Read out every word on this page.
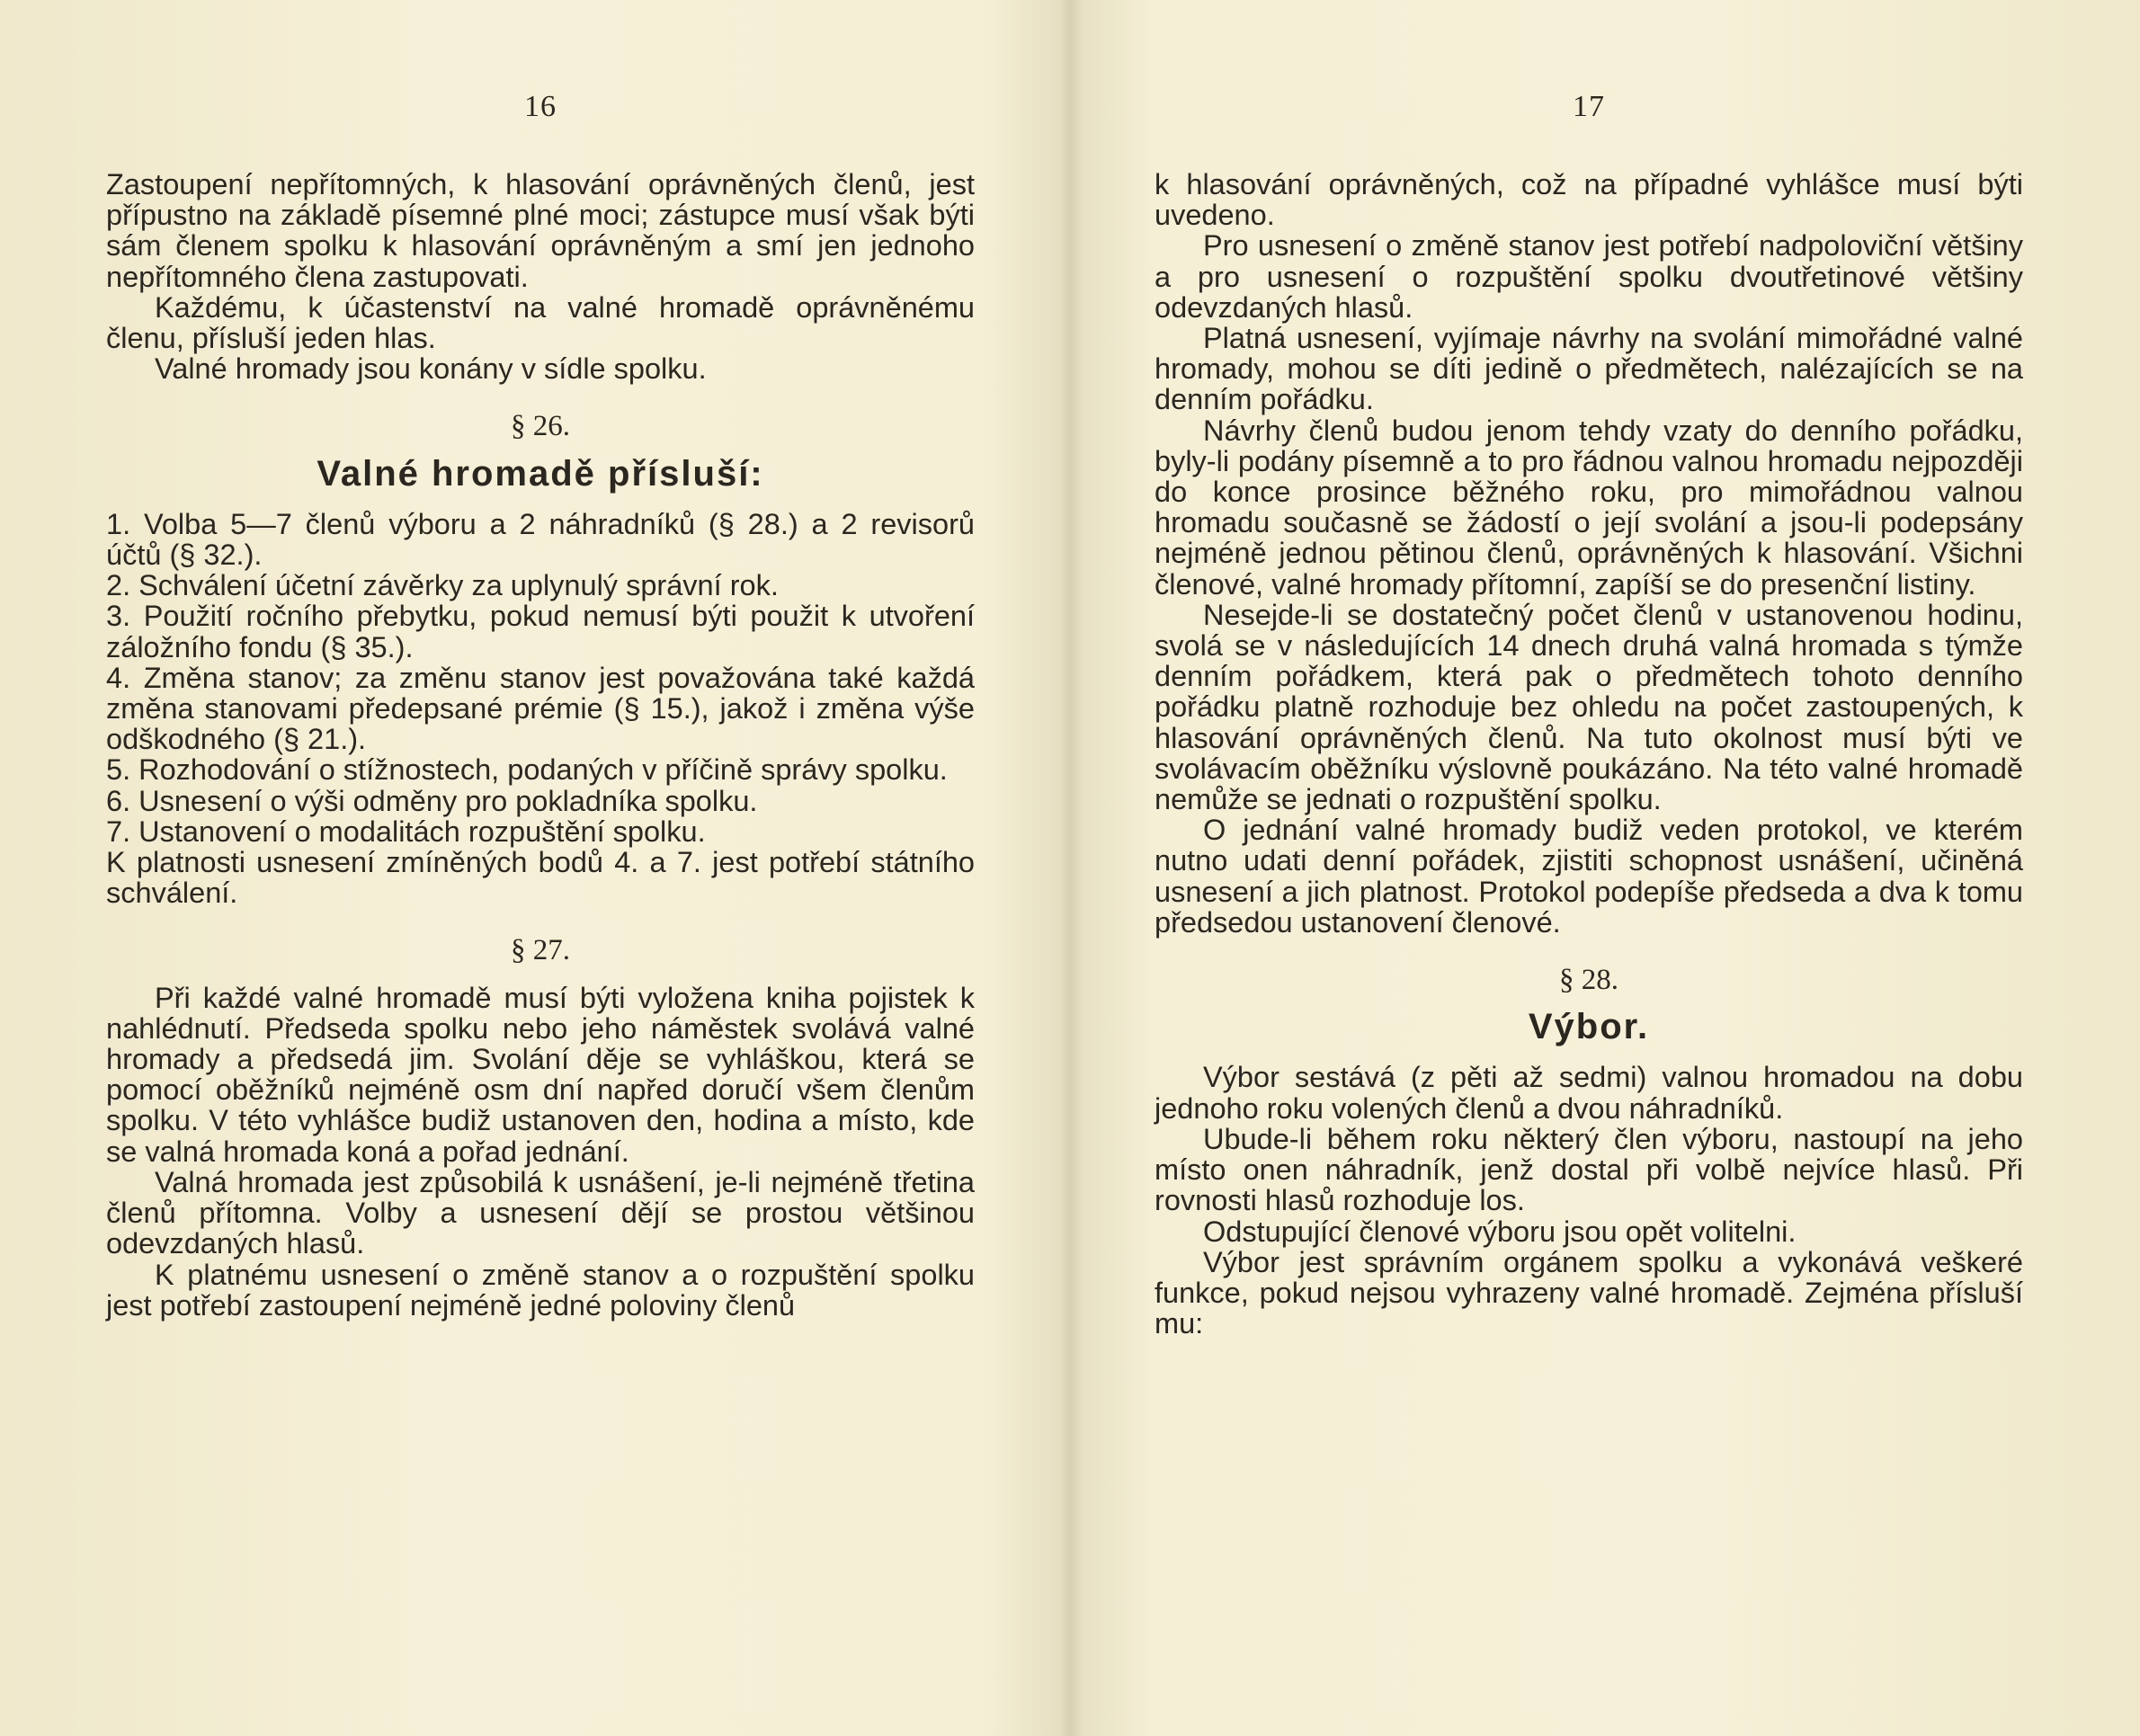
16

Zastoupení nepřítomných, k hlasování oprávněných členů, jest přípustno na základě písemné plné moci; zástupce musí však býti sám členem spolku k hlasování oprávněným a smí jen jednoho nepřítomného člena zastupovati.

Každému, k účastenství na valné hromadě oprávněnému členu, přísluší jeden hlas.

Valné hromady jsou konány v sídle spolku.

§ 26.
Valné hromadě přísluší:

1. Volba 5—7 členů výboru a 2 náhradníků (§ 28.) a 2 revisorů účtů (§ 32.).

2. Schválení účetní závěrky za uplynulý správní rok.

3. Použití ročního přebytku, pokud nemusí býti použit k utvoření záložního fondu (§ 35.).

4. Změna stanov; za změnu stanov jest považována také každá změna stanovami předepsané prémie (§ 15.), jakož i změna výše odškodného (§ 21.).

5. Rozhodování o stížnostech, podaných v příčině správy spolku.

6. Usnesení o výši odměny pro pokladníka spolku.

7. Ustanovení o modalitách rozpuštění spolku.

K platnosti usnesení zmíněných bodů 4. a 7. jest potřebí státního schválení.

§ 27.

Při každé valné hromadě musí býti vyložena kniha pojistek k nahlédnutí. Předseda spolku nebo jeho náměstek svolává valné hromady a předsedá jim. Svolání děje se vyhláškou, která se pomocí oběžníků nejméně osm dní napřed doručí všem členům spolku. V této vyhlášce budiž ustanoven den, hodina a místo, kde se valná hromada koná a pořad jednání.

Valná hromada jest způsobilá k usnášení, je-li nejméně třetina členů přítomna. Volby a usnesení dějí se prostou většinou odevzdaných hlasů.

K platnému usnesení o změně stanov a o rozpuštění spolku jest potřebí zastoupení nejméně jedné poloviny členů

17

k hlasování oprávněných, což na případné vyhlášce musí býti uvedeno.

Pro usnesení o změně stanov jest potřebí nadpoloviční většiny a pro usnesení o rozpuštění spolku dvoutřetinové většiny odevzdaných hlasů.

Platná usnesení, vyjímaje návrhy na svolání mimořádné valné hromady, mohou se díti jedině o předmětech, nalézajících se na denním pořádku.

Návrhy členů budou jenom tehdy vzaty do denního pořádku, byly-li podány písemně a to pro řádnou valnou hromadu nejpozději do konce prosince běžného roku, pro mimořádnou valnou hromadu současně se žádostí o její svolání a jsou-li podepsány nejméně jednou pětinou členů, oprávněných k hlasování. Všichni členové, valné hromady přítomní, zapíší se do presenční listiny.

Nesejde-li se dostatečný počet členů v ustanovenou hodinu, svolá se v následujících 14 dnech druhá valná hromada s týmže denním pořádkem, která pak o předmětech tohoto denního pořádku platně rozhoduje bez ohledu na počet zastoupených, k hlasování oprávněných členů. Na tuto okolnost musí býti ve svolávacím oběžníku výslovně poukázáno. Na této valné hromadě nemůže se jednati o rozpuštění spolku.

O jednání valné hromady budiž veden protokol, ve kterém nutno udati denní pořádek, zjistiti schopnost usnášení, učiněná usnesení a jich platnost. Protokol podepíše předseda a dva k tomu předsedou ustanovení členové.

§ 28.
Výbor.

Výbor sestává (z pěti až sedmi) valnou hromadou na dobu jednoho roku volených členů a dvou náhradníků.

Ubude-li během roku některý člen výboru, nastoupí na jeho místo onen náhradník, jenž dostal při volbě nejvíce hlasů. Při rovnosti hlasů rozhoduje los.

Odstupující členové výboru jsou opět volitelni.

Výbor jest správním orgánem spolku a vykonává veškeré funkce, pokud nejsou vyhrazeny valné hromadě. Zejména přísluší mu:
